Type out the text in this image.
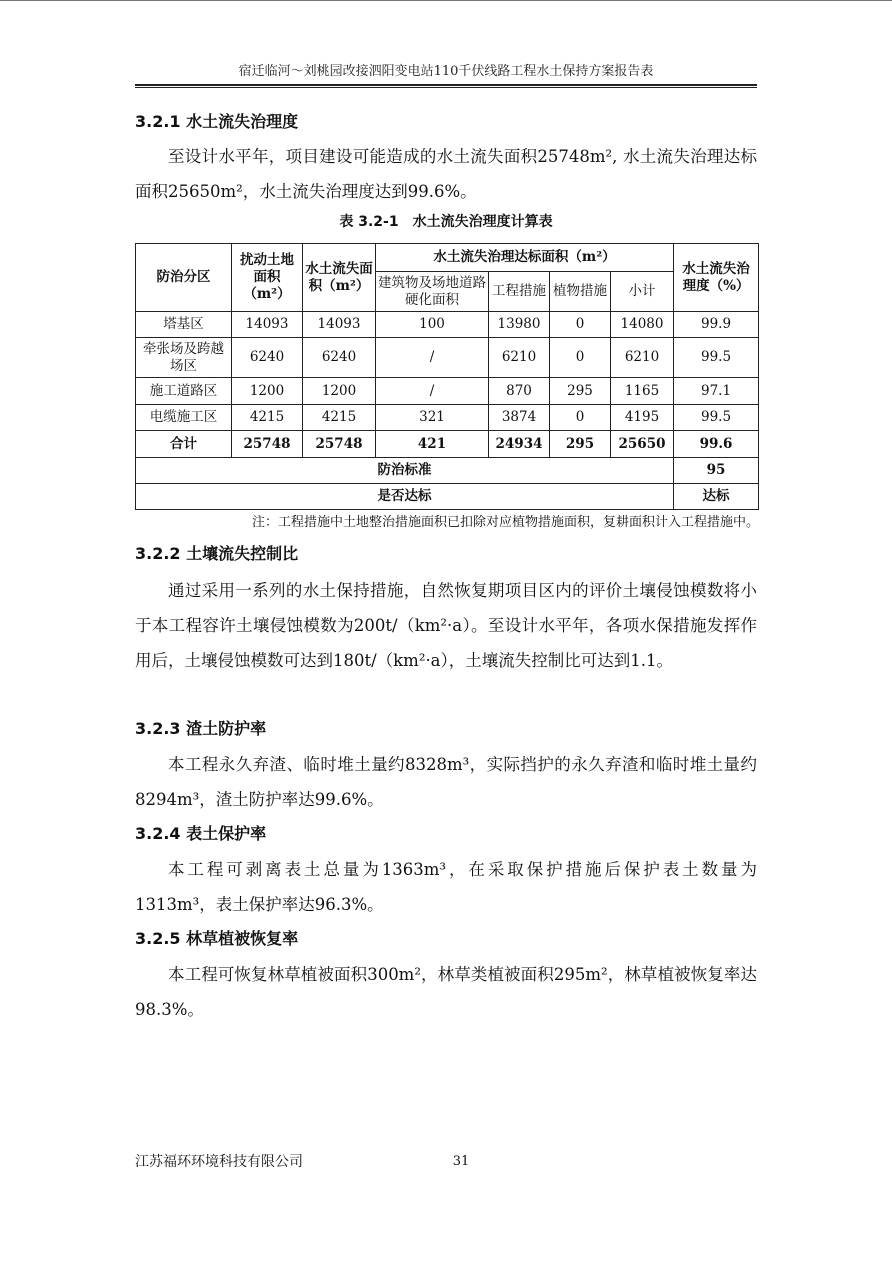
宿迁临河～刘桃园改接泗阳变电站110千伏线路工程水土保持方案报告表
3.2.1 水土流失治理度

至设计水平年，项目建设可能造成的水土流失面积25748m², 水土流失治理达标面积25650m²，水土流失治理度达到99.6%。

表 3.2-1　水土流失治理度计算表
防治分区	扰动土地面积（m²）	水土流失面积（m²）	水土流失治理达标面积（m²）				水土流失治理度（%）
			建筑物及场地道路硬化面积	工程措施	植物措施	小计	
塔基区	14093	14093	100	13980	0	14080	99.9
牵张场及跨越场区	6240	6240	/	6210	0	6210	99.5
施工道路区	1200	1200	/	870	295	1165	97.1
电缆施工区	4215	4215	321	3874	0	4195	99.5
合计	25748	25748	421	24934	295	25650	99.6
防治标准							95
是否达标							达标
注：工程措施中土地整治措施面积已扣除对应植物措施面积，复耕面积计入工程措施中。
3.2.2 土壤流失控制比

通过采用一系列的水土保持措施，自然恢复期项目区内的评价土壤侵蚀模数将小于本工程容许土壤侵蚀模数为200t/（km²·a）。至设计水平年，各项水保措施发挥作用后，土壤侵蚀模数可达到180t/（km²·a），土壤流失控制比可达到1.1。

3.2.3 渣土防护率

本工程永久弃渣、临时堆土量约8328m³，实际挡护的永久弃渣和临时堆土量约8294m³，渣土防护率达99.6%。

3.2.4 表土保护率

本工程可剥离表土总量为1363m³，在采取保护措施后保护表土数量为1313m³，表土保护率达96.3%。

3.2.5 林草植被恢复率

本工程可恢复林草植被面积300m²，林草类植被面积295m²，林草植被恢复率达98.3%。

江苏福环环境科技有限公司	31
